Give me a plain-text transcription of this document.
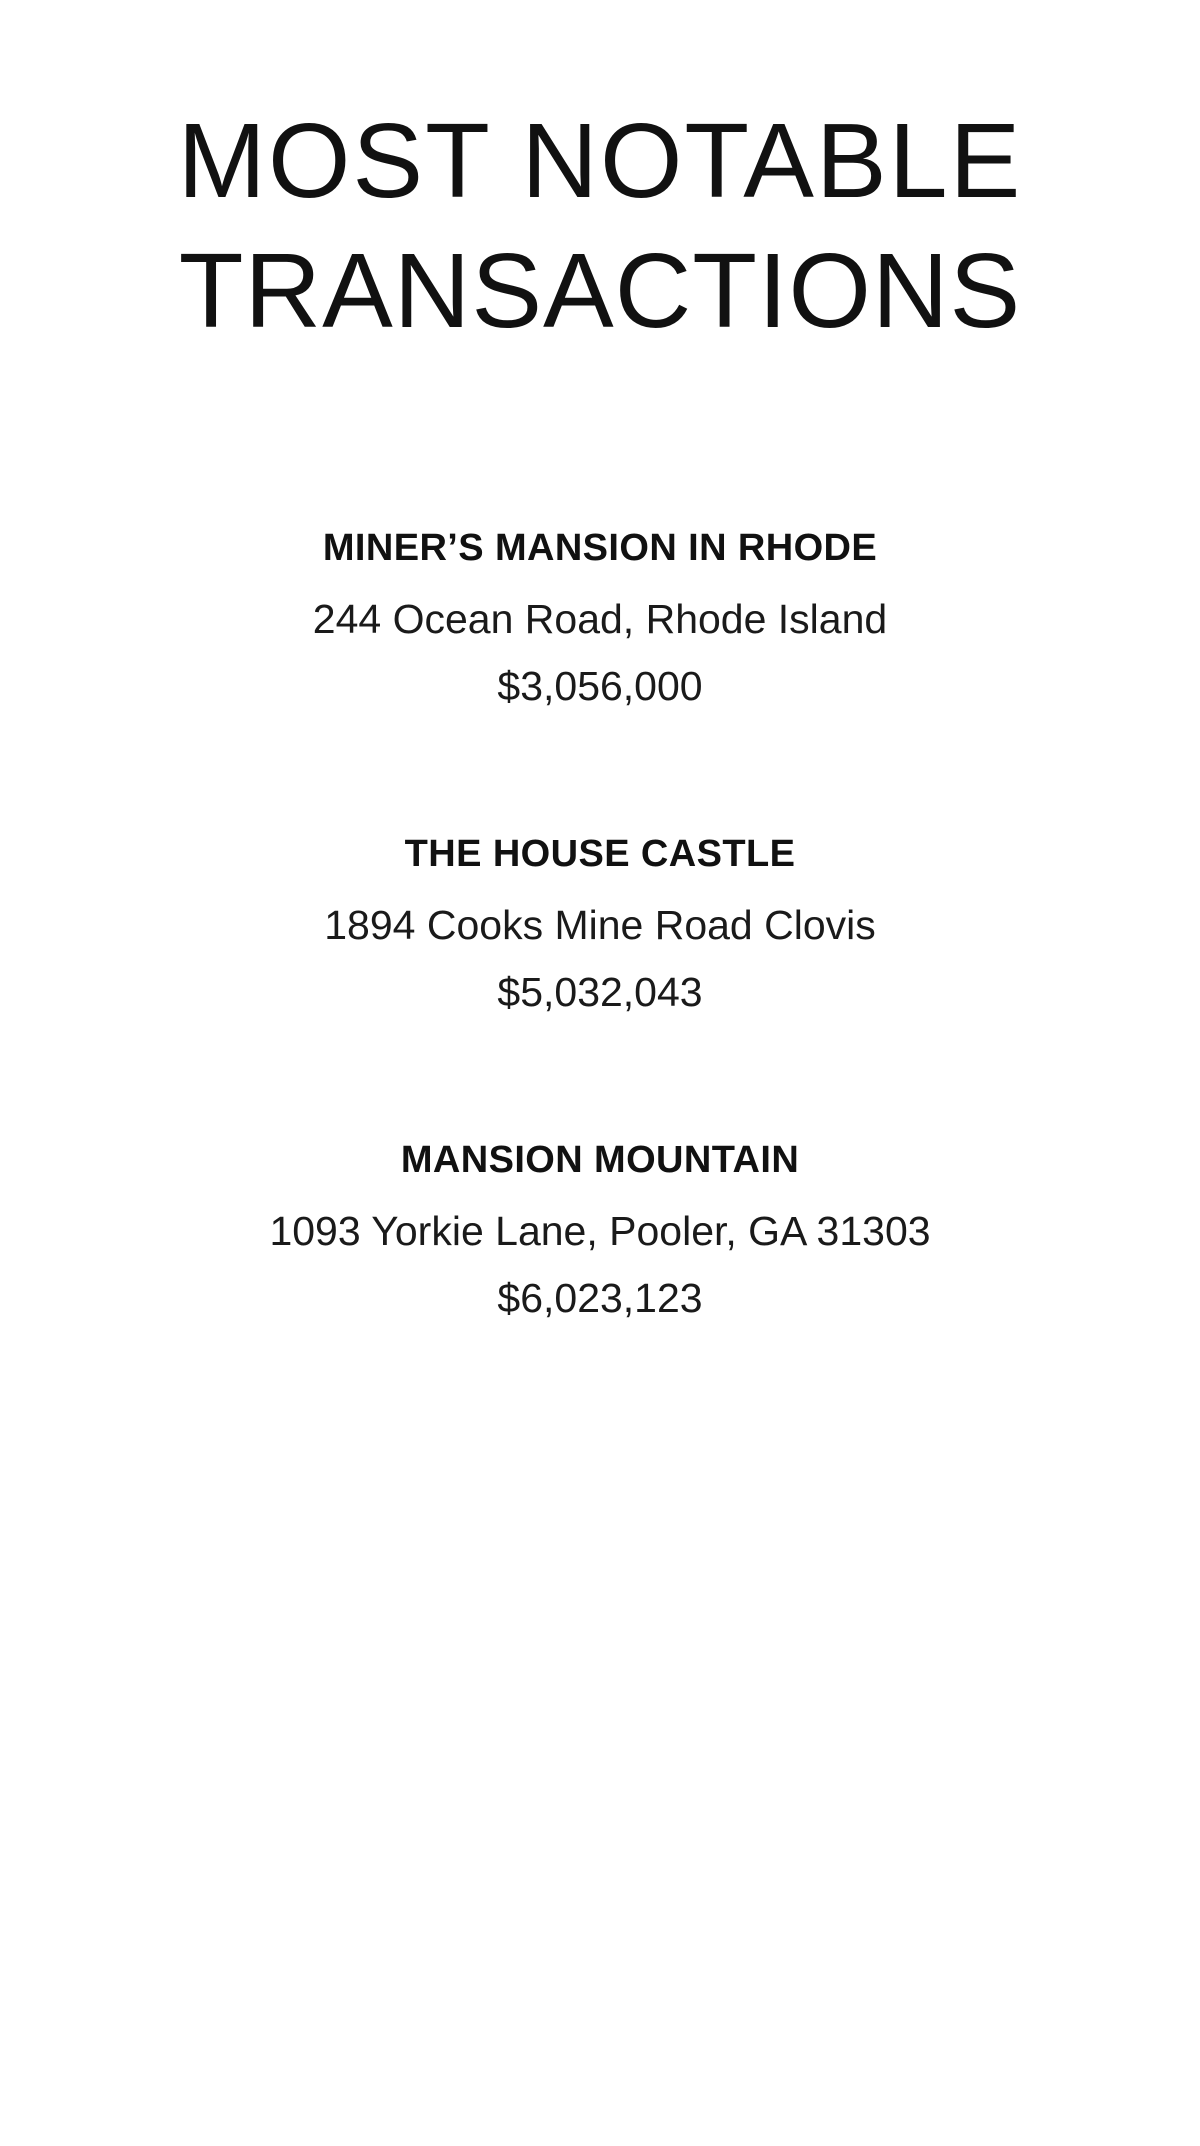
MOST NOTABLE
TRANSACTIONS
MINER’S MANSION IN RHODE
244 Ocean Road, Rhode Island
$3,056,000
THE HOUSE CASTLE
1894 Cooks Mine Road Clovis
$5,032,043
MANSION MOUNTAIN
1093 Yorkie Lane, Pooler, GA 31303
$6,023,123
